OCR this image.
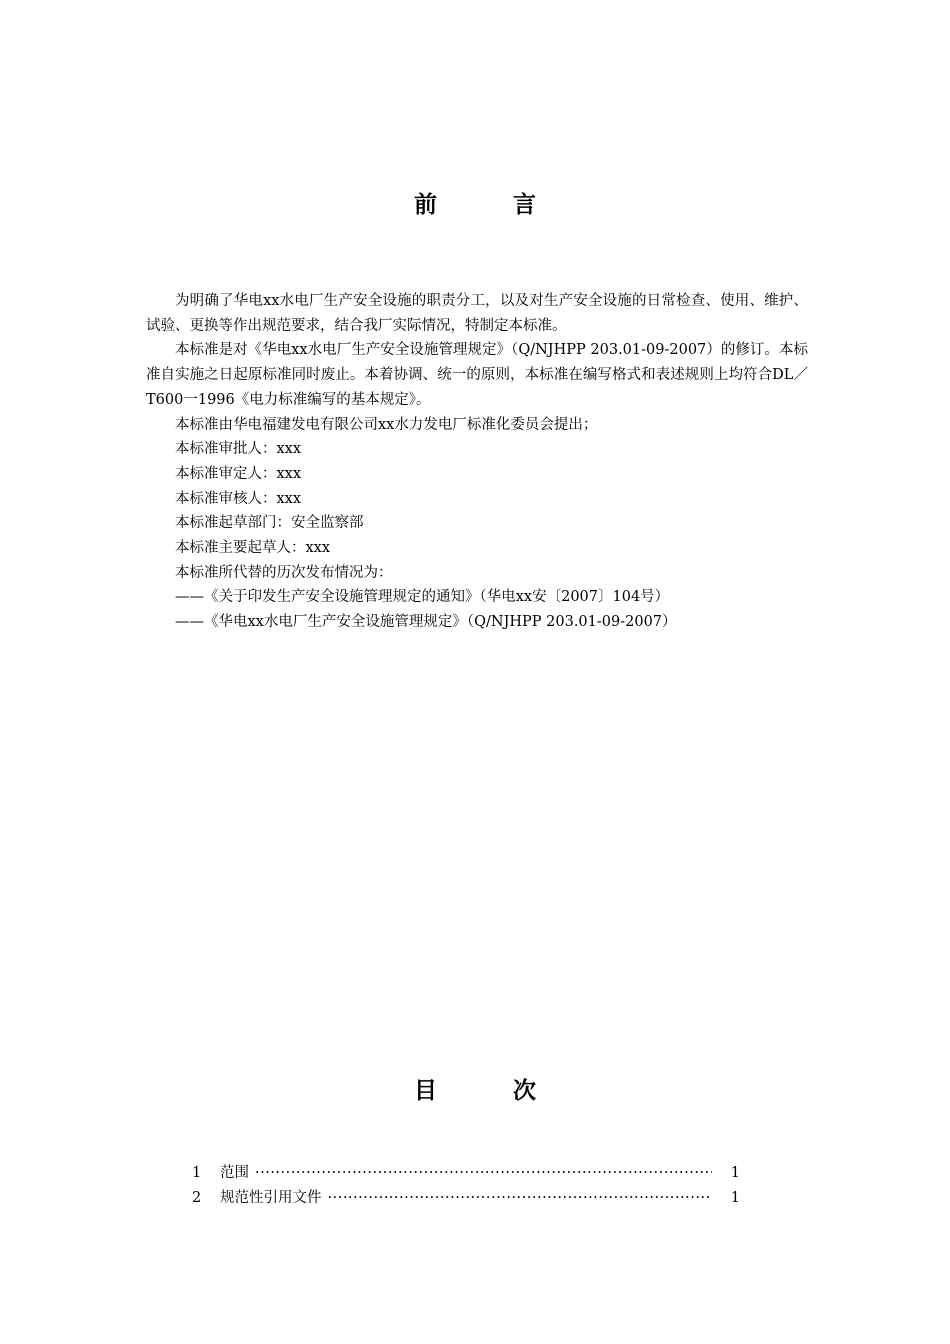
前 言

为明确了华电xx水电厂生产安全设施的职责分工，以及对生产安全设施的日常检查、使用、维护、试验、更换等作出规范要求，结合我厂实际情况，特制定本标准。

本标准是对《华电xx水电厂生产安全设施管理规定》（Q/NJHPP 203.01-09-2007）的修订。本标准自实施之日起原标准同时废止。本着协调、统一的原则，本标准在编写格式和表述规则上均符合DL／T600一1996《电力标准编写的基本规定》。

本标准由华电福建发电有限公司xx水力发电厂标准化委员会提出；

本标准审批人：xxx

本标准审定人：xxx

本标准审核人：xxx

本标准起草部门：安全监察部

本标准主要起草人：xxx

本标准所代替的历次发布情况为：

——《关于印发生产安全设施管理规定的通知》（华电xx安〔2007〕104号）

——《华电xx水电厂生产安全设施管理规定》（Q/NJHPP 203.01-09-2007）

目 次
1	范围 ·····	1
2	规范性引用文件 ·····	1
